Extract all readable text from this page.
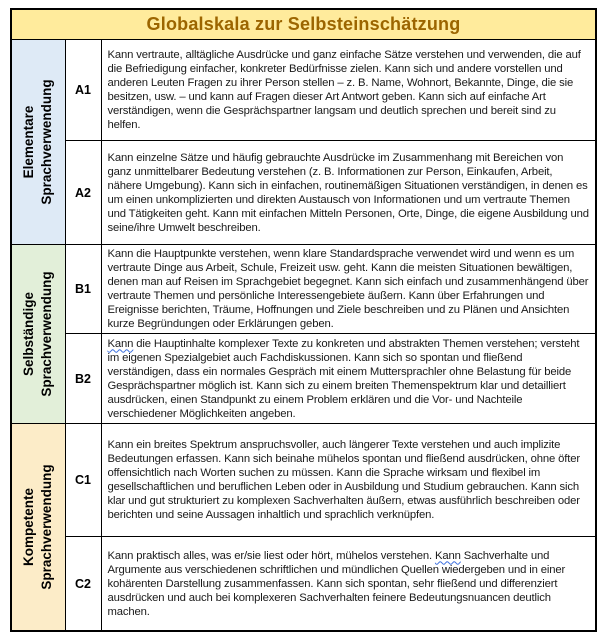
Globalskala zur Selbsteinschätzung		

Elementare Sprachverwendung	A1	Kann vertraute, alltägliche Ausdrücke und ganz einfache Sätze verstehen und verwenden, die auf die Befriedigung einfacher, konkreter Bedürfnisse zielen. Kann sich und andere vorstellen und anderen Leuten Fragen zu ihrer Person stellen – z. B. Name, Wohnort, Bekannte, Dinge, die sie besitzen, usw. – und kann auf Fragen dieser Art Antwort geben. Kann sich auf einfache Art verständigen, wenn die Gesprächspartner langsam und deutlich sprechen und bereit sind zu helfen.
	A2	Kann einzelne Sätze und häufig gebrauchte Ausdrücke im Zusammenhang mit Bereichen von ganz unmittelbarer Bedeutung verstehen (z. B. Informationen zur Person, Einkaufen, Arbeit, nähere Umgebung). Kann sich in einfachen, routinemäßigen Situationen verständigen, in denen es um einen unkomplizierten und direkten Austausch von Informationen und um vertraute Themen und Tätigkeiten geht. Kann mit einfachen Mitteln Personen, Orte, Dinge, die eigene Ausbildung und seine/ihre Umwelt beschreiben.

Selbständige Sprachverwendung	B1	Kann die Hauptpunkte verstehen, wenn klare Standardsprache verwendet wird und wenn es um vertraute Dinge aus Arbeit, Schule, Freizeit usw. geht. Kann die meisten Situationen bewältigen, denen man auf Reisen im Sprachgebiet begegnet. Kann sich einfach und zusammenhängend über vertraute Themen und persönliche Interessengebiete äußern. Kann über Erfahrungen und Ereignisse berichten, Träume, Hoffnungen und Ziele beschreiben und zu Plänen und Ansichten kurze Begründungen oder Erklärungen geben.
	B2	Kann die Hauptinhalte komplexer Texte zu konkreten und abstrakten Themen verstehen; versteht im eigenen Spezialgebiet auch Fachdiskussionen. Kann sich so spontan und fließend verständigen, dass ein normales Gespräch mit einem Muttersprachler ohne Belastung für beide Gesprächspartner möglich ist. Kann sich zu einem breiten Themenspektrum klar und detailliert ausdrücken, einen Standpunkt zu einem Problem erklären und die Vor- und Nachteile verschiedener Möglichkeiten angeben.

Kompetente Sprachverwendung	C1	Kann ein breites Spektrum anspruchsvoller, auch längerer Texte verstehen und auch implizite Bedeutungen erfassen. Kann sich beinahe mühelos spontan und fließend ausdrücken, ohne öfter offensichtlich nach Worten suchen zu müssen. Kann die Sprache wirksam und flexibel im gesellschaftlichen und beruflichen Leben oder in Ausbildung und Studium gebrauchen. Kann sich klar und gut strukturiert zu komplexen Sachverhalten äußern, etwas ausführlich beschreiben oder berichten und seine Aussagen inhaltlich und sprachlich verknüpfen.
	C2	Kann praktisch alles, was er/sie liest oder hört, mühelos verstehen. Kann Sachverhalte und Argumente aus verschiedenen schriftlichen und mündlichen Quellen wiedergeben und in einer kohärenten Darstellung zusammenfassen. Kann sich spontan, sehr fließend und differenziert ausdrücken und auch bei komplexeren Sachverhalten feinere Bedeutungsnuancen deutlich machen.
